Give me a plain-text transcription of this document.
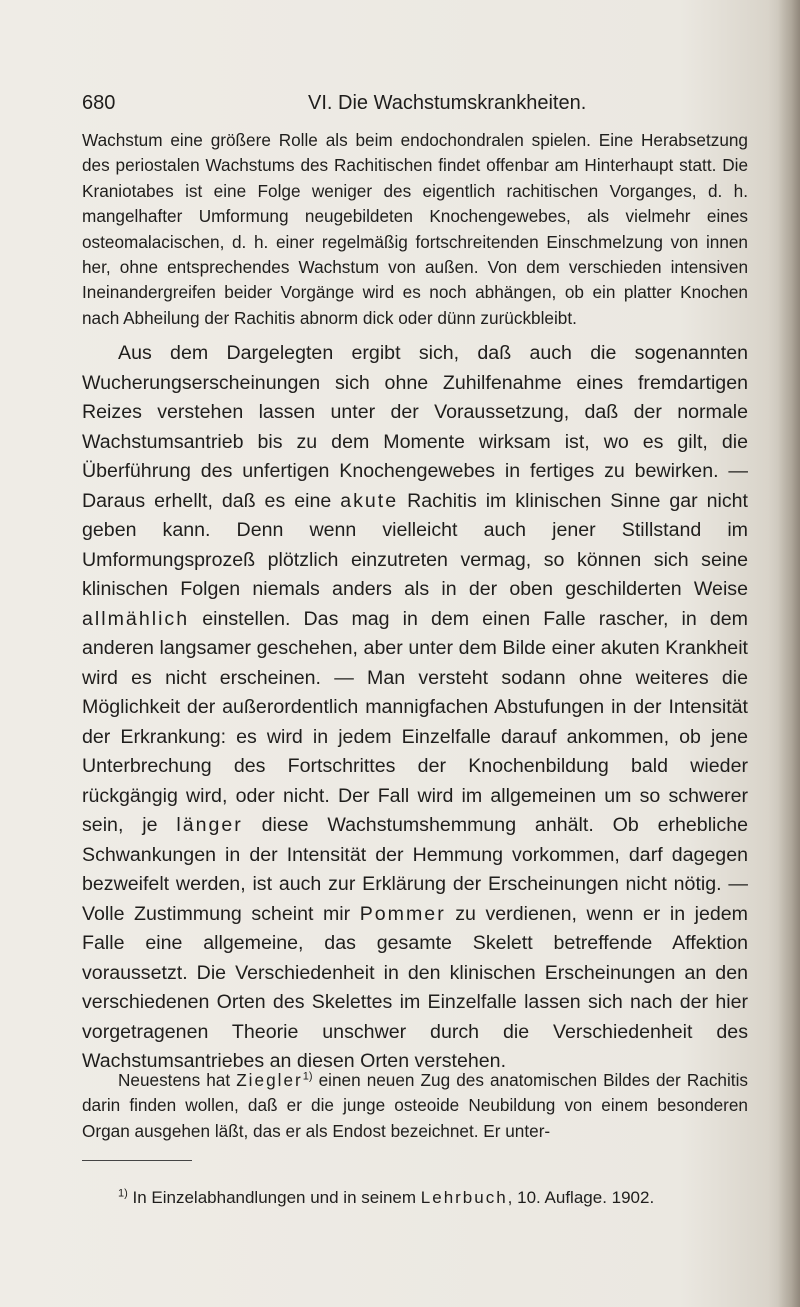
680	VI. Die Wachstumskrankheiten.

Wachstum eine größere Rolle als beim endochondralen spielen. Eine Herabsetzung des periostalen Wachstums des Rachitischen findet offenbar am Hinterhaupt statt. Die Kraniotabes ist eine Folge weniger des eigentlich rachitischen Vorganges, d. h. mangelhafter Umformung neugebildeten Knochengewebes, als vielmehr eines osteomalacischen, d. h. einer regelmäßig fortschreitenden Einschmelzung von innen her, ohne entsprechendes Wachstum von außen. Von dem verschieden intensiven Ineinandergreifen beider Vorgänge wird es noch abhängen, ob ein platter Knochen nach Abheilung der Rachitis abnorm dick oder dünn zurückbleibt.

Aus dem Dargelegten ergibt sich, daß auch die sogenannten Wucherungserscheinungen sich ohne Zuhilfenahme eines fremdartigen Reizes verstehen lassen unter der Voraussetzung, daß der normale Wachstumsantrieb bis zu dem Momente wirksam ist, wo es gilt, die Überführung des unfertigen Knochengewebes in fertiges zu bewirken. — Daraus erhellt, daß es eine akute Rachitis im klinischen Sinne gar nicht geben kann. Denn wenn vielleicht auch jener Stillstand im Umformungsprozeß plötzlich einzutreten vermag, so können sich seine klinischen Folgen niemals anders als in der oben geschilderten Weise allmählich einstellen. Das mag in dem einen Falle rascher, in dem anderen langsamer geschehen, aber unter dem Bilde einer akuten Krankheit wird es nicht erscheinen. — Man versteht sodann ohne weiteres die Möglichkeit der außerordentlich mannigfachen Abstufungen in der Intensität der Erkrankung: es wird in jedem Einzelfalle darauf ankommen, ob jene Unterbrechung des Fortschrittes der Knochenbildung bald wieder rückgängig wird, oder nicht. Der Fall wird im allgemeinen um so schwerer sein, je länger diese Wachstumshemmung anhält. Ob erhebliche Schwankungen in der Intensität der Hemmung vorkommen, darf dagegen bezweifelt werden, ist auch zur Erklärung der Erscheinungen nicht nötig. — Volle Zustimmung scheint mir Pommer zu verdienen, wenn er in jedem Falle eine allgemeine, das gesamte Skelett betreffende Affektion voraussetzt. Die Verschiedenheit in den klinischen Erscheinungen an den verschiedenen Orten des Skelettes im Einzelfalle lassen sich nach der hier vorgetragenen Theorie unschwer durch die Verschiedenheit des Wachstumsantriebes an diesen Orten verstehen.

Neuestens hat Ziegler$^{1)}$ einen neuen Zug des anatomischen Bildes der Rachitis darin finden wollen, daß er die junge osteoide Neubildung von einem besonderen Organ ausgehen läßt, das er als Endost bezeichnet. Er unter-

$^{1)}$ In Einzelabhandlungen und in seinem Lehrbuch, 10. Auflage. 1902.
